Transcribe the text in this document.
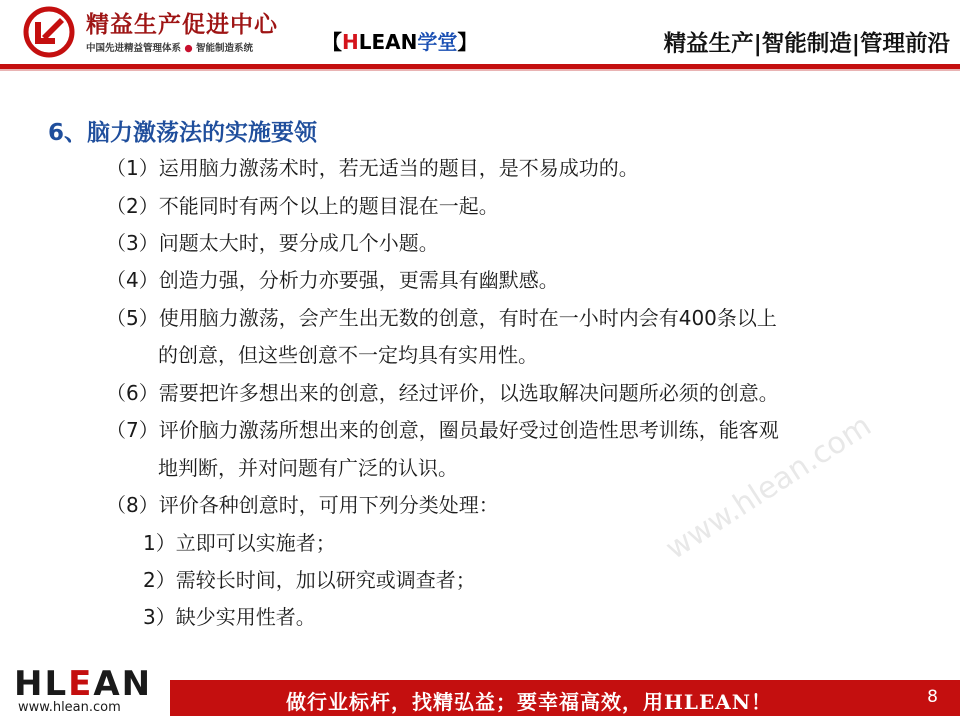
精益生产促进中心
中国先进精益管理体系 ● 智能制造系统	【HLEAN学堂】	精益生产|智能制造|管理前沿
www.hlean.com
6、脑力激荡法的实施要领
（1）运用脑力激荡术时，若无适当的题目，是不易成功的。
（2）不能同时有两个以上的题目混在一起。
（3）问题太大时，要分成几个小题。
（4）创造力强，分析力亦要强，更需具有幽默感。
（5）使用脑力激荡，会产生出无数的创意，有时在一小时内会有400条以上
的创意，但这些创意不一定均具有实用性。
（6）需要把许多想出来的创意，经过评价，以选取解决问题所必须的创意。
（7）评价脑力激荡所想出来的创意，圈员最好受过创造性思考训练，能客观
地判断，并对问题有广泛的认识。
（8）评价各种创意时，可用下列分类处理：
1）立即可以实施者；
2）需较长时间，加以研究或调查者；
3）缺少实用性者。
HLEAN
www.hlean.com	做行业标杆，找精弘益；要幸福高效，用HLEAN！	8
